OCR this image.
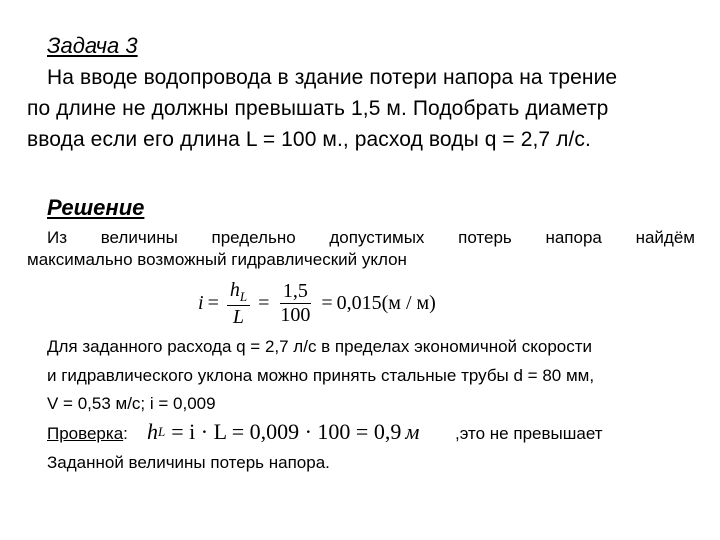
Задача 3
На вводе водопровода в здание потери напора на трение
по длине не должны превышать 1,5 м. Подобрать диаметр
ввода если его длина L = 100 м., расход воды q = 2,7 л/с.
Решение
Из величины предельно допустимых потерь напора найдём
максимально возможный гидравлический уклон
$i = \frac{h_L}{L} = \frac{1,5}{100} = 0,015(м / м)$
Для заданного расхода q = 2,7 л/с в пределах экономичной скорости
и гидравлического уклона можно принять стальные трубы d = 80 мм,
V = 0,53 м/с; i = 0,009
Проверка: h L = i · L = 0,009 · 100 = 0,9 м ,это не превышает
Заданной величины потерь напора.
